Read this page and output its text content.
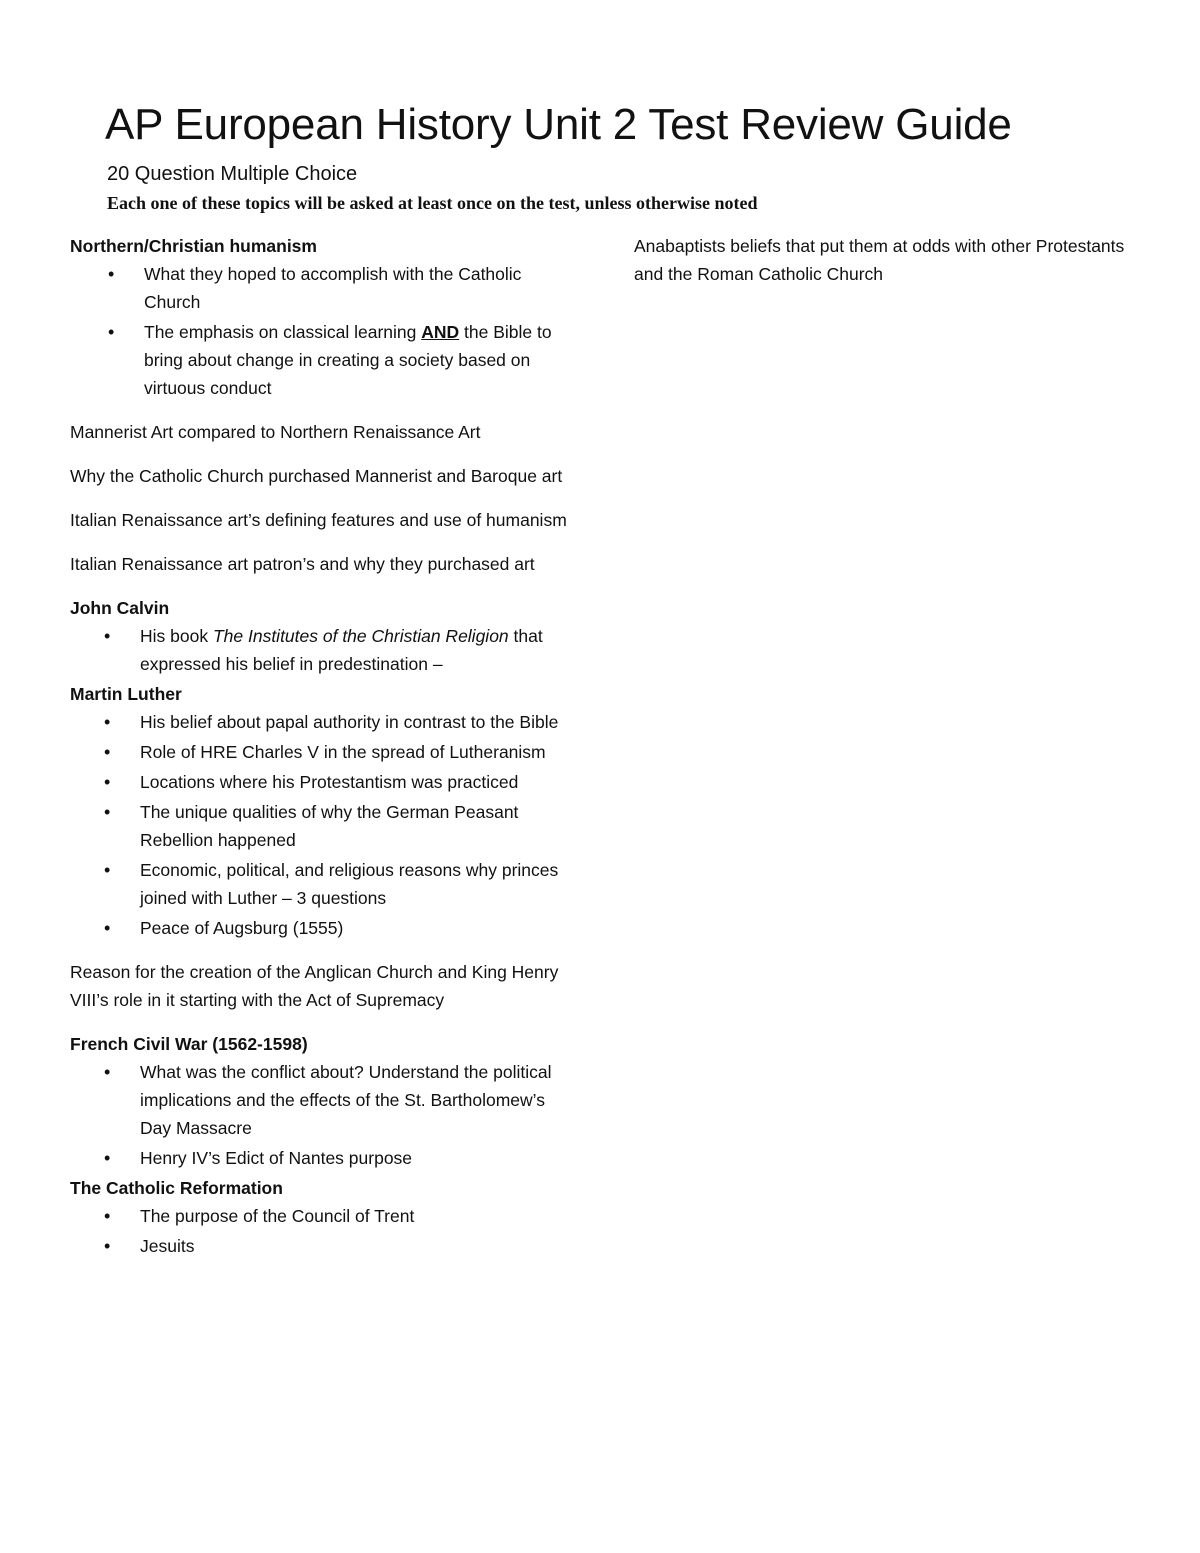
AP European History Unit 2 Test Review Guide

20 Question Multiple Choice

Each one of these topics will be asked at least once on the test, unless otherwise noted

Northern/Christian humanism

• What they hoped to accomplish with the Catholic Church
• The emphasis on classical learning AND the Bible to bring about change in creating a society based on virtuous conduct

Mannerist Art compared to Northern Renaissance Art

Why the Catholic Church purchased Mannerist and Baroque art

Italian Renaissance art’s defining features and use of humanism

Italian Renaissance art patron’s and why they purchased art

John Calvin

• His book The Institutes of the Christian Religion that expressed his belief in predestination –

Martin Luther

• His belief about papal authority in contrast to the Bible
• Role of HRE Charles V in the spread of Lutheranism
• Locations where his Protestantism was practiced
• The unique qualities of why the German Peasant Rebellion happened
• Economic, political, and religious reasons why princes joined with Luther – 3 questions
• Peace of Augsburg (1555)

Reason for the creation of the Anglican Church and King Henry VIII’s role in it starting with the Act of Supremacy

French Civil War (1562-1598)

• What was the conflict about? Understand the political implications and the effects of the St. Bartholomew’s Day Massacre
• Henry IV’s Edict of Nantes purpose

The Catholic Reformation

• The purpose of the Council of Trent
• Jesuits

Anabaptists beliefs that put them at odds with other Protestants and the Roman Catholic Church
